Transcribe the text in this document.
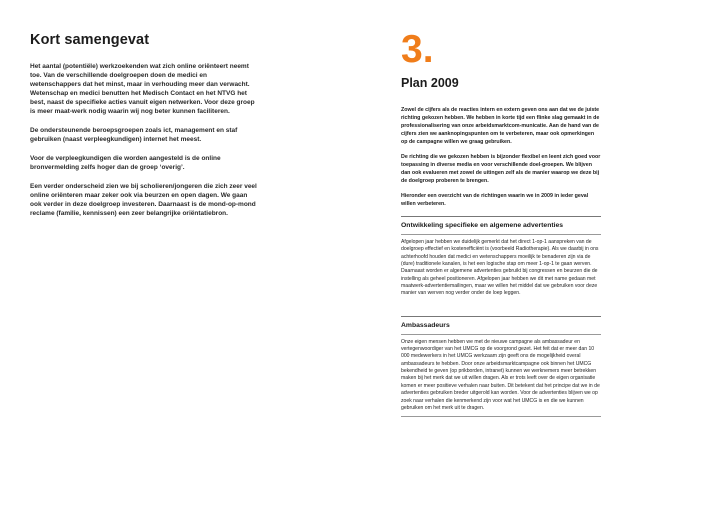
Kort samengevat

Het aantal (potentiële) werkzoekenden wat zich online oriënteert neemt toe. Van de verschillende doelgroepen doen de medici en wetenschappers dat het minst, maar in verhouding meer dan verwacht. Wetenschap en medici benutten het Medisch Contact en het NTVG het best, naast de specifieke acties vanuit eigen netwerken. Voor deze groep is meer maat-werk nodig waarin wij nog beter kunnen faciliteren.

De ondersteunende beroepsgroepen zoals ict, management en staf gebruiken (naast verpleegkundigen) internet het meest.

Voor de verpleegkundigen die worden aangesteld is de online bronvermelding zelfs hoger dan de groep ‘overig’.

Een verder onderscheid zien we bij scholieren/jongeren die zich zeer veel online oriënteren maar zeker ook via beurzen en open dagen. We gaan ook verder in deze doelgroep investeren. Daarnaast is de mond-op-mond reclame (familie, kennissen) een zeer belangrijke oriëntatiebron.

3.
Plan 2009

Zowel de cijfers als de reacties intern en extern geven ons aan dat we de juiste richting gekozen hebben. We hebben in korte tijd een flinke slag gemaakt in de professionalisering van onze arbeidsmarktcom-municatie. Aan de hand van de cijfers zien we aanknopingspunten om te verbeteren, maar ook opmerkingen op de campagne willen we graag gebruiken.

De richting die we gekozen hebben is bijzonder flexibel en leent zich goed voor toepassing in diverse media en voor verschillende doel-groepen. We blijven dan ook evalueren met zowel de uitingen zelf als de manier waarop we deze bij de doelgroep proberen te brengen.

Hieronder een overzicht van de richtingen waarin we in 2009 in ieder geval willen verbeteren.

Ontwikkeling specifieke en algemene advertenties

Afgelopen jaar hebben we duidelijk gemerkt dat het direct 1-op-1 aanspreken van de doelgroep effectief en kostenefficiënt is (voorbeeld Radiotherapie). Als we daarbij in ons achterhoofd houden dat medici en wetenschappers moeilijk te benaderen zijn via de (dure) traditionele kanalen, is het een logische stap om meer 1-op-1 te gaan werven. Daarnaast worden er algemene advertenties gebruikt bij congressen en beurzen die de instelling als geheel positioneren. Afgelopen jaar hebben we dit met name gedaan met maatwerk-advertentiemailingen, maar we willen het middel dat we gebruiken voor deze manier van werven nog verder onder de loep leggen.

Ambassadeurs

Onze eigen mensen hebben we met de nieuwe campagne als ambassadeur en vertegenwoordiger van het UMCG op de voorgrond gezet. Het feit dat er meer dan 10 000 medewerkers in het UMCG werkzaam zijn geeft ons de mogelijkheid overal ambassadeurs te hebben. Door onze arbeidsmarktcampagne ook binnen het UMCG bekendheid te geven (op prikborden, intranet) kunnen we werknemers meer betrekken maken bij het merk dat we uit willen dragen. Als er trots leeft over de eigen organisatie komen er meer positieve verhalen naar buiten. Dit betekent dat het principe dat we in de advertenties gebruiken breder uitgerold kan worden. Voor de advertenties blijven we op zoek naar verhalen die kenmerkend zijn voor wat het UMCG is en die we kunnen gebruiken om het merk uit te dragen.
